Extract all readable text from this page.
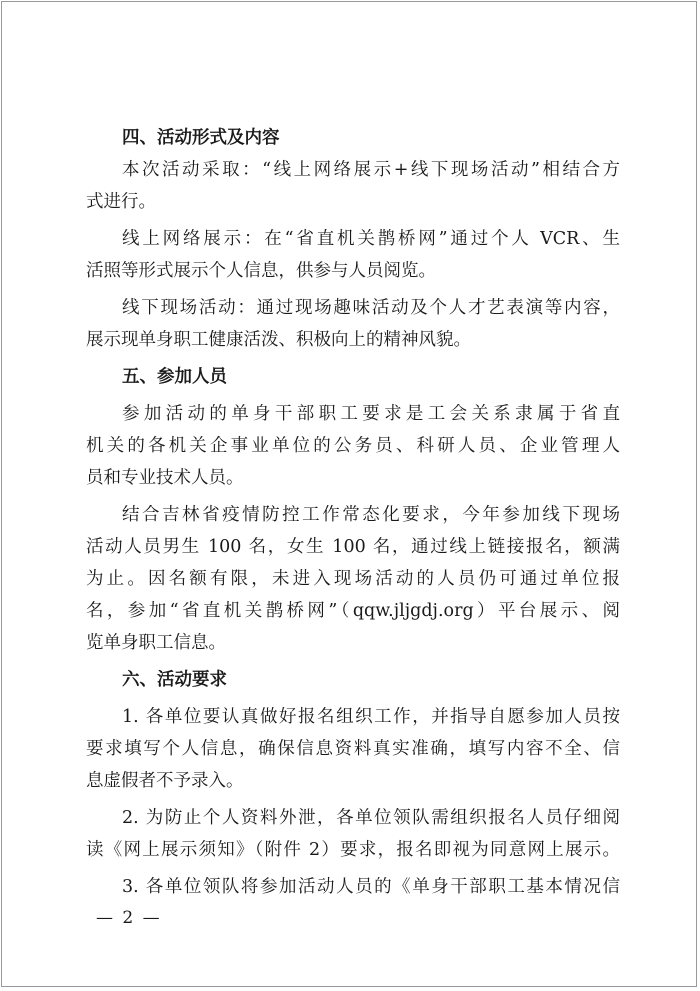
四、活动形式及内容
本次活动采取：“线上网络展示+线下现场活动”相结合方
式进行。
线上网络展示：在“省直机关鹊桥网”通过个人 VCR、生
活照等形式展示个人信息，供参与人员阅览。
线下现场活动：通过现场趣味活动及个人才艺表演等内容，
展示现单身职工健康活泼、积极向上的精神风貌。
五、参加人员
参加活动的单身干部职工要求是工会关系隶属于省直
机关的各机关企事业单位的公务员、科研人员、企业管理人
员和专业技术人员。
结合吉林省疫情防控工作常态化要求，今年参加线下现场
活动人员男生 100 名，女生 100 名，通过线上链接报名，额满
为止。因名额有限，未进入现场活动的人员仍可通过单位报
名，参加“省直机关鹊桥网”（qqw.jljgdj.org）平台展示、阅
览单身职工信息。
六、活动要求
1. 各单位要认真做好报名组织工作，并指导自愿参加人员按
要求填写个人信息，确保信息资料真实准确，填写内容不全、信
息虚假者不予录入。
2. 为防止个人资料外泄，各单位领队需组织报名人员仔细阅
读《网上展示须知》（附件 2）要求，报名即视为同意网上展示。
3. 各单位领队将参加活动人员的《单身干部职工基本情况信
— 2 —
